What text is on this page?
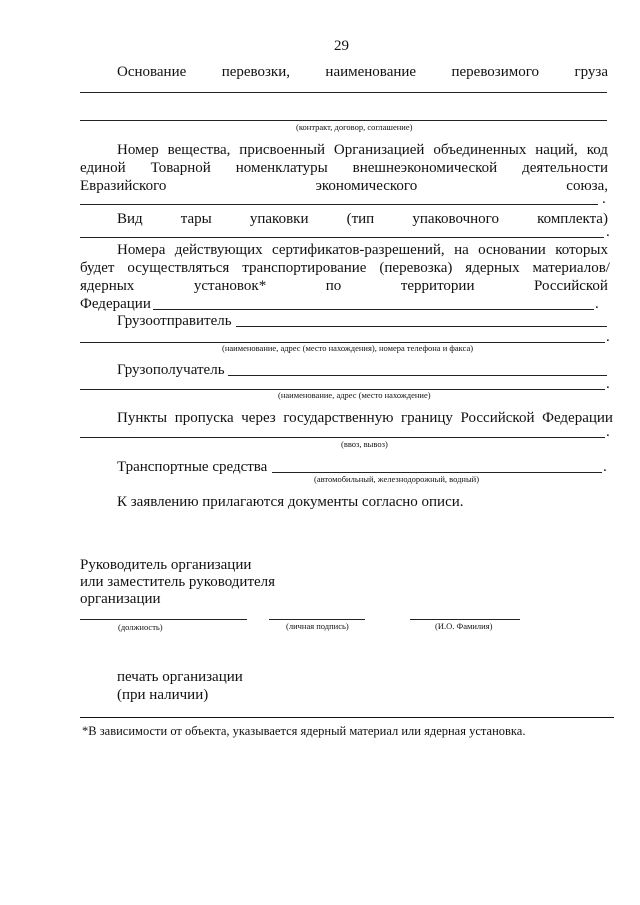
29
Основание перевозки, наименование перевозимого груза
(контракт, договор, соглашение)
Номер вещества, присвоенный Организацией объединенных наций, код
единой Товарной номенклатуры внешнеэкономической деятельности
Евразийского	экономического	союза,
.
Вид	тары	упаковки	(тип	упаковочного	комплекта)
.
Номера действующих сертификатов-разрешений, на основании которых
будет осуществляться транспортирование (перевозка) ядерных материалов/
ядерных	установок*	по	территории	Российской
Федерации	.
Грузоотправитель
.
(наименование, адрес (место нахождения), номера телефона и факса)
Грузополучатель
.
(наименование, адрес (место нахождение)
Пункты пропуска через государственную границу Российской Федерации
.
(ввоз, вывоз)
Транспортные средства	.
(автомобильный, железнодорожный, водный)
К заявлению прилагаются документы согласно описи.
Руководитель организации
или заместитель руководителя
организации
(должность)	(личная подпись)	(И.О. Фамилия)
печать организации
(при наличии)
*В зависимости от объекта, указывается ядерный материал или ядерная установка.
